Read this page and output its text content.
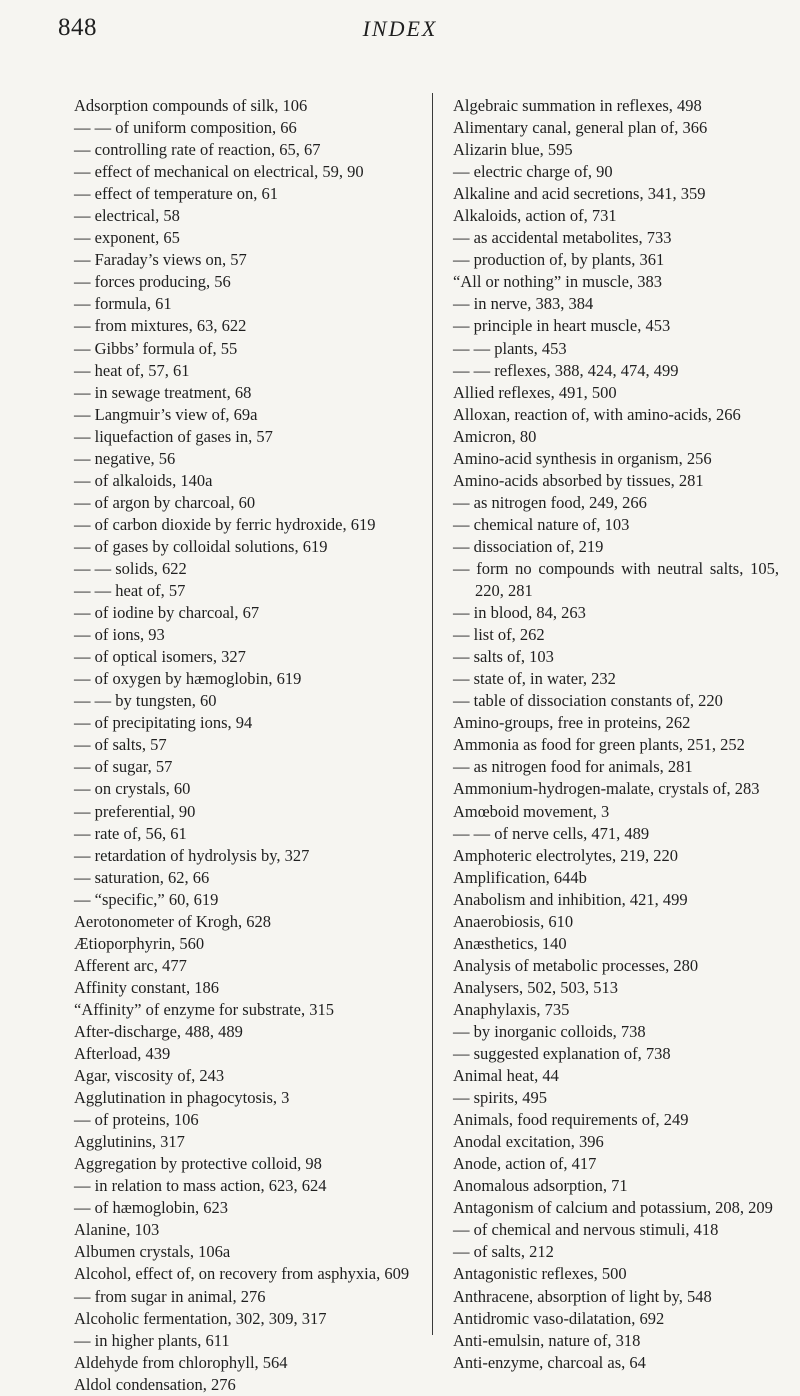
848	INDEX
Adsorption compounds of silk, 106
— — of uniform composition, 66
— controlling rate of reaction, 65, 67
— effect of mechanical on electrical, 59, 90
— effect of temperature on, 61
— electrical, 58
— exponent, 65
— Faraday’s views on, 57
— forces producing, 56
— formula, 61
— from mixtures, 63, 622
— Gibbs’ formula of, 55
— heat of, 57, 61
— in sewage treatment, 68
— Langmuir’s view of, 69a
— liquefaction of gases in, 57
— negative, 56
— of alkaloids, 140a
— of argon by charcoal, 60
— of carbon dioxide by ferric hydroxide, 619
— of gases by colloidal solutions, 619
— — solids, 622
— — heat of, 57
— of iodine by charcoal, 67
— of ions, 93
— of optical isomers, 327
— of oxygen by hæmoglobin, 619
— — by tungsten, 60
— of precipitating ions, 94
— of salts, 57
— of sugar, 57
— on crystals, 60
— preferential, 90
— rate of, 56, 61
— retardation of hydrolysis by, 327
— saturation, 62, 66
— “specific,” 60, 619
Aerotonometer of Krogh, 628
Ætioporphyrin, 560
Afferent arc, 477
Affinity constant, 186
“Affinity” of enzyme for substrate, 315
After-discharge, 488, 489
Afterload, 439
Agar, viscosity of, 243
Agglutination in phagocytosis, 3
— of proteins, 106
Agglutinins, 317
Aggregation by protective colloid, 98
— in relation to mass action, 623, 624
— of hæmoglobin, 623
Alanine, 103
Albumen crystals, 106a
Alcohol, effect of, on recovery from asphyxia, 609
— from sugar in animal, 276
Alcoholic fermentation, 302, 309, 317
— in higher plants, 611
Aldehyde from chlorophyll, 564
Aldol condensation, 276
Algebraic summation in reflexes, 498
Alimentary canal, general plan of, 366
Alizarin blue, 595
— electric charge of, 90
Alkaline and acid secretions, 341, 359
Alkaloids, action of, 731
— as accidental metabolites, 733
— production of, by plants, 361
“All or nothing” in muscle, 383
— in nerve, 383, 384
— principle in heart muscle, 453
— — plants, 453
— — reflexes, 388, 424, 474, 499
Allied reflexes, 491, 500
Alloxan, reaction of, with amino-acids, 266
Amicron, 80
Amino-acid synthesis in organism, 256
Amino-acids absorbed by tissues, 281
— as nitrogen food, 249, 266
— chemical nature of, 103
— dissociation of, 219
— form no compounds with neutral salts, 105, 220, 281
— in blood, 84, 263
— list of, 262
— salts of, 103
— state of, in water, 232
— table of dissociation constants of, 220
Amino-groups, free in proteins, 262
Ammonia as food for green plants, 251, 252
— as nitrogen food for animals, 281
Ammonium-hydrogen-malate, crystals of, 283
Amœboid movement, 3
— — of nerve cells, 471, 489
Amphoteric electrolytes, 219, 220
Amplification, 644b
Anabolism and inhibition, 421, 499
Anaerobiosis, 610
Anæsthetics, 140
Analysis of metabolic processes, 280
Analysers, 502, 503, 513
Anaphylaxis, 735
— by inorganic colloids, 738
— suggested explanation of, 738
Animal heat, 44
— spirits, 495
Animals, food requirements of, 249
Anodal excitation, 396
Anode, action of, 417
Anomalous adsorption, 71
Antagonism of calcium and potassium, 208, 209
— of chemical and nervous stimuli, 418
— of salts, 212
Antagonistic reflexes, 500
Anthracene, absorption of light by, 548
Antidromic vaso-dilatation, 692
Anti-emulsin, nature of, 318
Anti-enzyme, charcoal as, 64
